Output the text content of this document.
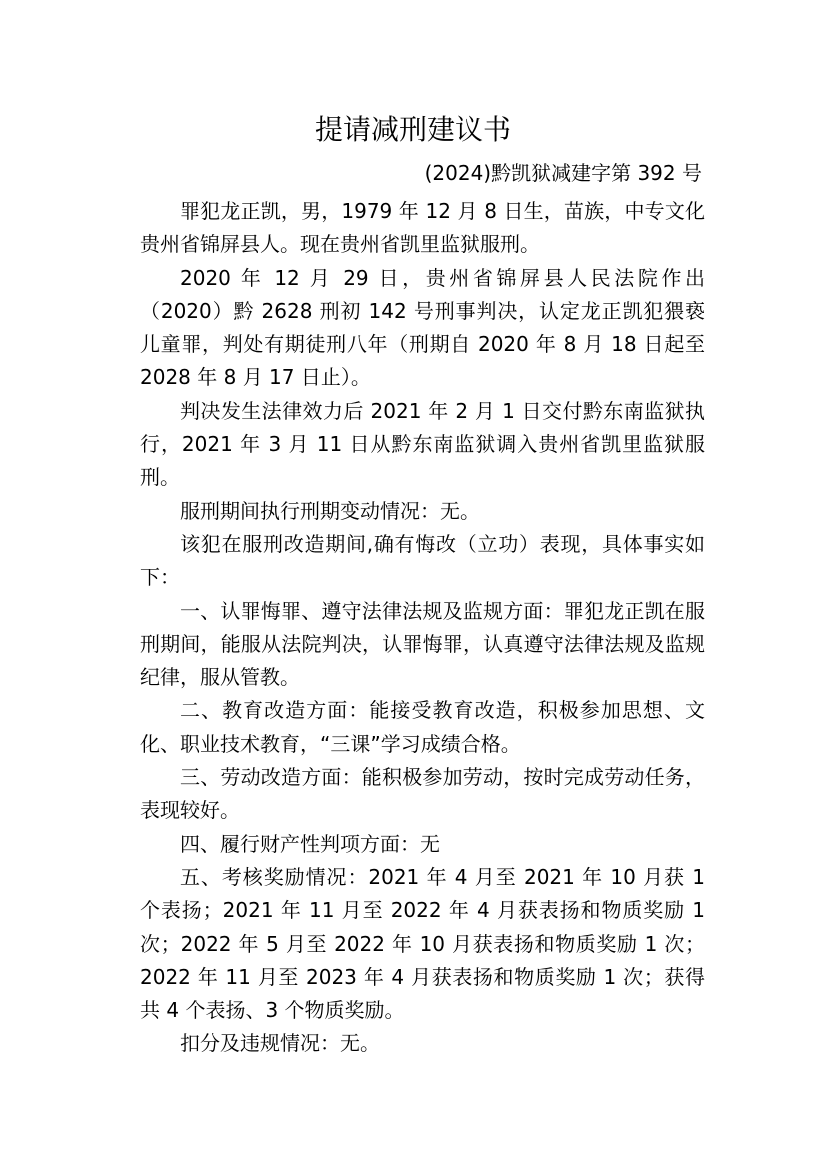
提请减刑建议书
(2024)黔凯狱减建字第 392 号

罪犯龙正凯，男，1979 年 12 月 8 日生，苗族，中专文化贵州省锦屏县人。现在贵州省凯里监狱服刑。

2020 年 12 月 29 日，贵州省锦屏县人民法院作出（2020）黔 2628 刑初 142 号刑事判决，认定龙正凯犯猥亵儿童罪，判处有期徒刑八年（刑期自 2020 年 8 月 18 日起至 2028 年 8 月 17 日止）。

判决发生法律效力后 2021 年 2 月 1 日交付黔东南监狱执行，2021 年 3 月 11 日从黔东南监狱调入贵州省凯里监狱服刑。

服刑期间执行刑期变动情况：无。

该犯在服刑改造期间,确有悔改（立功）表现，具体事实如下：

一、认罪悔罪、遵守法律法规及监规方面：罪犯龙正凯在服刑期间，能服从法院判决，认罪悔罪，认真遵守法律法规及监规纪律，服从管教。

二、教育改造方面：能接受教育改造，积极参加思想、文化、职业技术教育，“三课”学习成绩合格。

三、劳动改造方面：能积极参加劳动，按时完成劳动任务，表现较好。

四、履行财产性判项方面：无

五、考核奖励情况：2021 年 4 月至 2021 年 10 月获 1 个表扬；2021 年 11 月至 2022 年 4 月获表扬和物质奖励 1 次；2022 年 5 月至 2022 年 10 月获表扬和物质奖励 1 次；2022 年 11 月至 2023 年 4 月获表扬和物质奖励 1 次；获得共 4 个表扬、3 个物质奖励。

扣分及违规情况：无。
